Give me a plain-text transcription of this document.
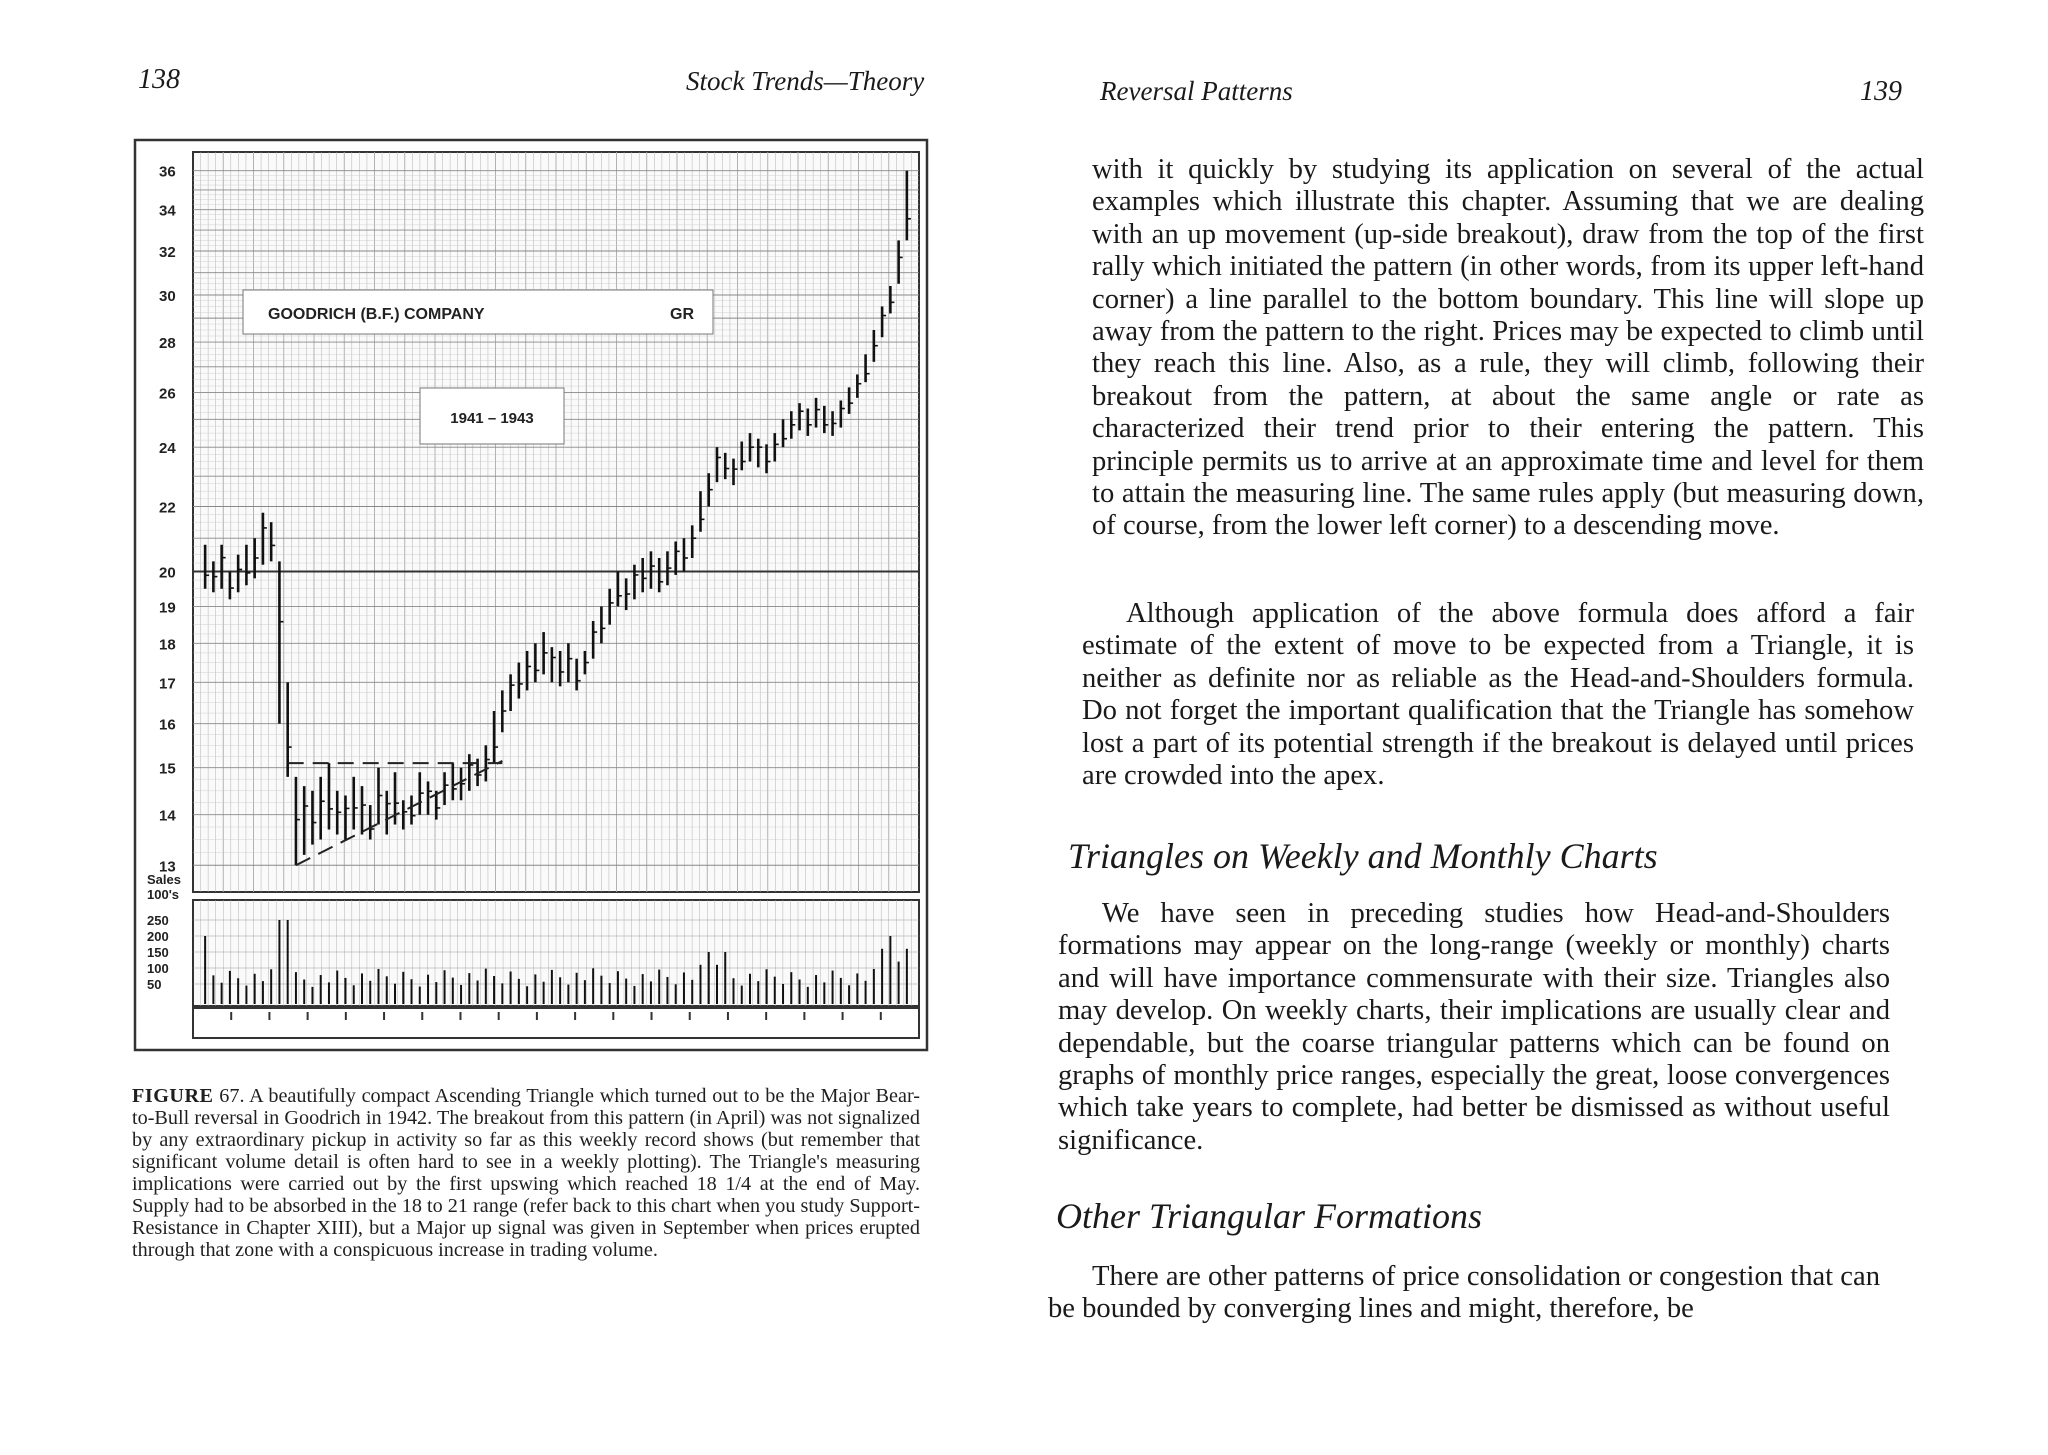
138	Stock Trends—Theory
36
34
32
30
28
26
24
22
20
19
18
17
16
15
14
13
Sales
100's
250
200
150
100
50
GOODRICH (B.F.) COMPANY	GR
1941 – 1943
FIGURE 67. A beautifully compact Ascending Triangle which turned out to be the Major Bear-to-Bull reversal in Goodrich in 1942. The breakout from this pattern (in April) was not signalized by any extraordinary pickup in activity so far as this weekly record shows (but remember that significant volume detail is often hard to see in a weekly plotting). The Triangle's measuring implications were carried out by the first upswing which reached 18 1/4 at the end of May. Supply had to be absorbed in the 18 to 21 range (refer back to this chart when you study Support-Resistance in Chapter XIII), but a Major up signal was given in September when prices erupted through that zone with a conspicuous increase in trading volume.
Reversal Patterns	139
with it quickly by studying its application on several of the actual examples which illustrate this chapter. Assuming that we are dealing with an up movement (up-side breakout), draw from the top of the first rally which initiated the pattern (in other words, from its upper left-hand corner) a line parallel to the bottom boundary. This line will slope up away from the pattern to the right. Prices may be expected to climb until they reach this line. Also, as a rule, they will climb, following their breakout from the pattern, at about the same angle or rate as characterized their trend prior to their entering the pattern. This principle permits us to arrive at an approximate time and level for them to attain the measuring line. The same rules apply (but measuring down, of course, from the lower left corner) to a descending move.
Although application of the above formula does afford a fair estimate of the extent of move to be expected from a Triangle, it is neither as definite nor as reliable as the Head-and-Shoulders formula. Do not forget the important qualification that the Triangle has somehow lost a part of its potential strength if the breakout is delayed until prices are crowded into the apex.
Triangles on Weekly and Monthly Charts
We have seen in preceding studies how Head-and-Shoulders formations may appear on the long-range (weekly or monthly) charts and will have importance commensurate with their size. Triangles also may develop. On weekly charts, their implications are usually clear and dependable, but the coarse triangular patterns which can be found on graphs of monthly price ranges, especially the great, loose convergences which take years to complete, had better be dismissed as without useful significance.
Other Triangular Formations
There are other patterns of price consolidation or congestion that can be bounded by converging lines and might, therefore, be
